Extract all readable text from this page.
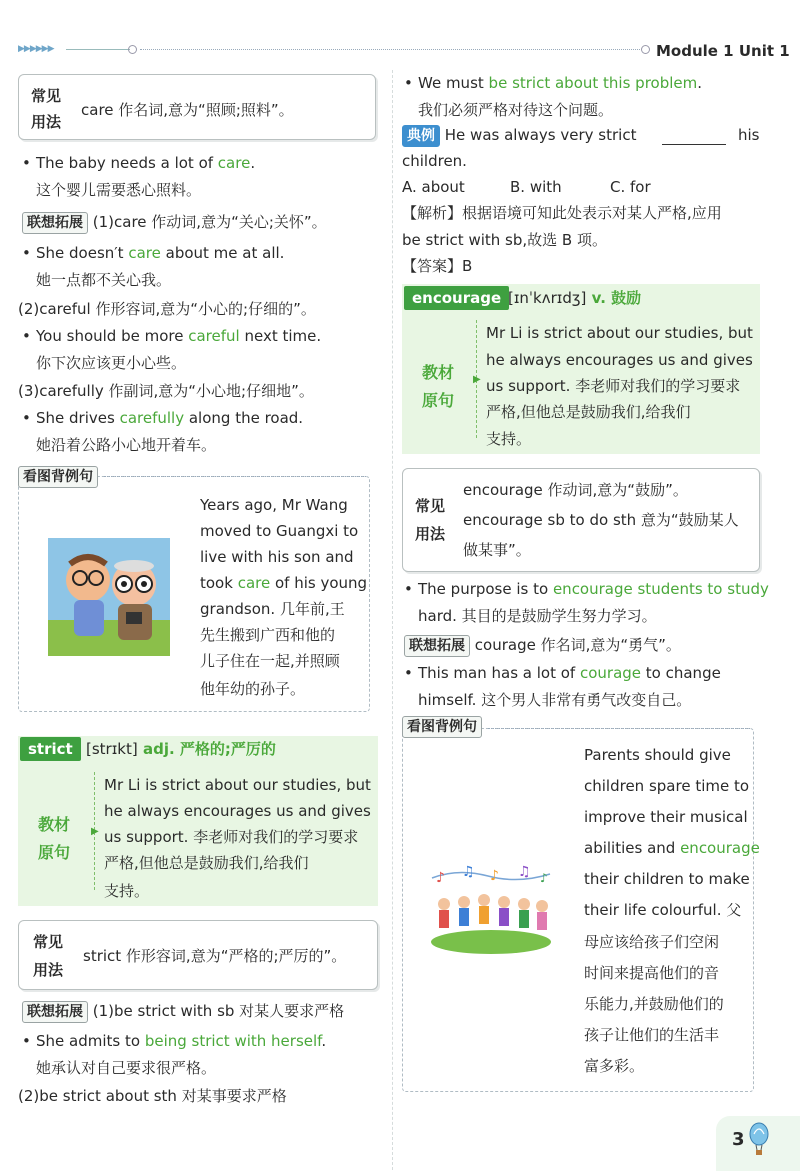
▶▶▶▶▶▶	Module 1 Unit 1
常见
用法
care 作名词,意为“照顾;照料”。
• The baby needs a lot of care.
这个婴儿需要悉心照料。
联想拓展 (1)care 作动词,意为“关心;关怀”。
• She doesn′t care about me at all.
她一点都不关心我。
(2)careful 作形容词,意为“小心的;仔细的”。
• You should be more careful next time.
你下次应该更小心些。
(3)carefully 作副词,意为“小心地;仔细地”。
• She drives carefully along the road.
她沿着公路小心地开着车。
看图背例句
Years ago, Mr Wang
moved to Guangxi to
live with his son and
took care of his young
grandson. 几年前,王
先生搬到广西和他的
儿子住在一起,并照顾
他年幼的孙子。
strict [strɪkt] adj. 严格的;严厉的
教材
原句
▶
Mr Li is strict about our studies, but
he always encourages us and gives
us support. 李老师对我们的学习要求
严格,但他总是鼓励我们,给我们
支持。
常见
用法
strict 作形容词,意为“严格的;严厉的”。
联想拓展 (1)be strict with sb 对某人要求严格
• She admits to being strict with herself.
她承认对自己要求很严格。
(2)be strict about sth 对某事要求严格
• We must be strict about this problem.
我们必须严格对待这个问题。
典例 He was always very strict	his
children.
A. about	B. with	C. for
【解析】根据语境可知此处表示对某人严格,应用
be strict with sb,故选 B 项。
【答案】B
encourage [ɪnˈkʌrɪdʒ] v. 鼓励
教材
原句
▶
Mr Li is strict about our studies, but
he always encourages us and gives
us support. 李老师对我们的学习要求
严格,但他总是鼓励我们,给我们
支持。
常见
用法
encourage 作动词,意为“鼓励”。
encourage sb to do sth 意为“鼓励某人
做某事”。
• The purpose is to encourage students to study
hard. 其目的是鼓励学生努力学习。
联想拓展 courage 作名词,意为“勇气”。
• This man has a lot of courage to change
himself. 这个男人非常有勇气改变自己。
看图背例句
♪ ♫ ♪ ♫ ♪
Parents should give
children spare time to
improve their musical
abilities and encourage
their children to make
their life colourful. 父
母应该给孩子们空闲
时间来提高他们的音
乐能力,并鼓励他们的
孩子让他们的生活丰
富多彩。
3
